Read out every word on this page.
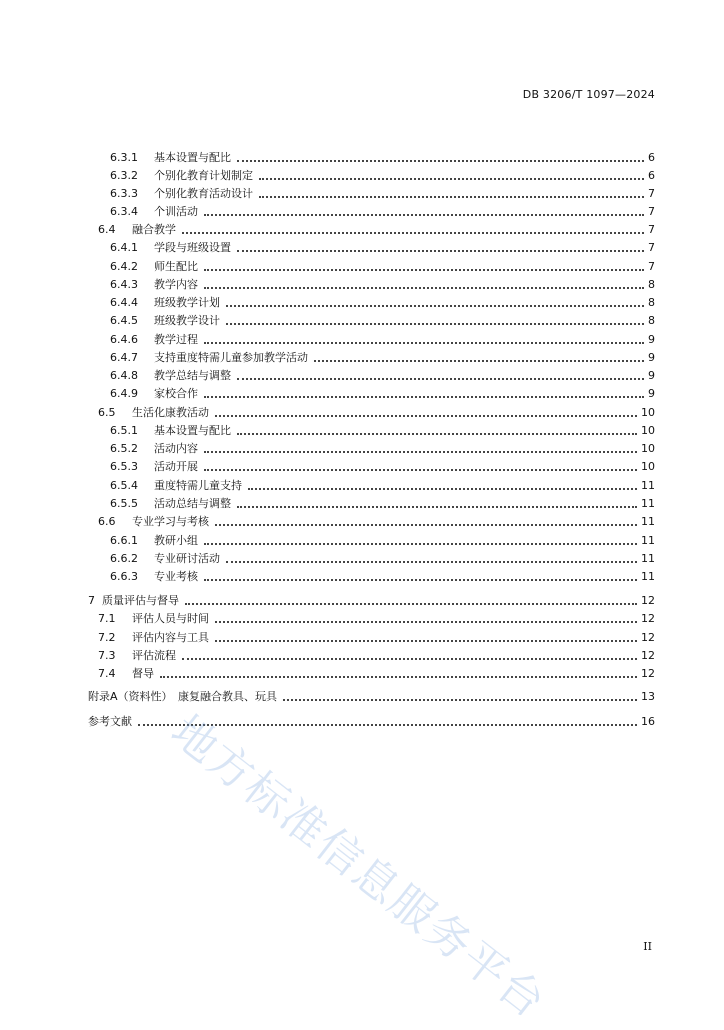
DB 3206/T 1097—2024
6.3.1	基本设置与配比	6
6.3.2	个别化教育计划制定	6
6.3.3	个别化教育活动设计	7
6.3.4	个训活动	7
6.4	融合教学	7
6.4.1	学段与班级设置	7
6.4.2	师生配比	7
6.4.3	教学内容	8
6.4.4	班级教学计划	8
6.4.5	班级教学设计	8
6.4.6	教学过程	9
6.4.7	支持重度特需儿童参加教学活动	9
6.4.8	教学总结与调整	9
6.4.9	家校合作	9
6.5	生活化康教活动	10
6.5.1	基本设置与配比	10
6.5.2	活动内容	10
6.5.3	活动开展	10
6.5.4	重度特需儿童支持	11
6.5.5	活动总结与调整	11
6.6	专业学习与考核	11
6.6.1	教研小组	11
6.6.2	专业研讨活动	11
6.6.3	专业考核	11
7 质量评估与督导	12
7.1	评估人员与时间	12
7.2	评估内容与工具	12
7.3	评估流程	12
7.4	督导	12
附录A（资料性）　康复融合教具、玩具	13
参考文献	16
II
地方标准信息服务平台
